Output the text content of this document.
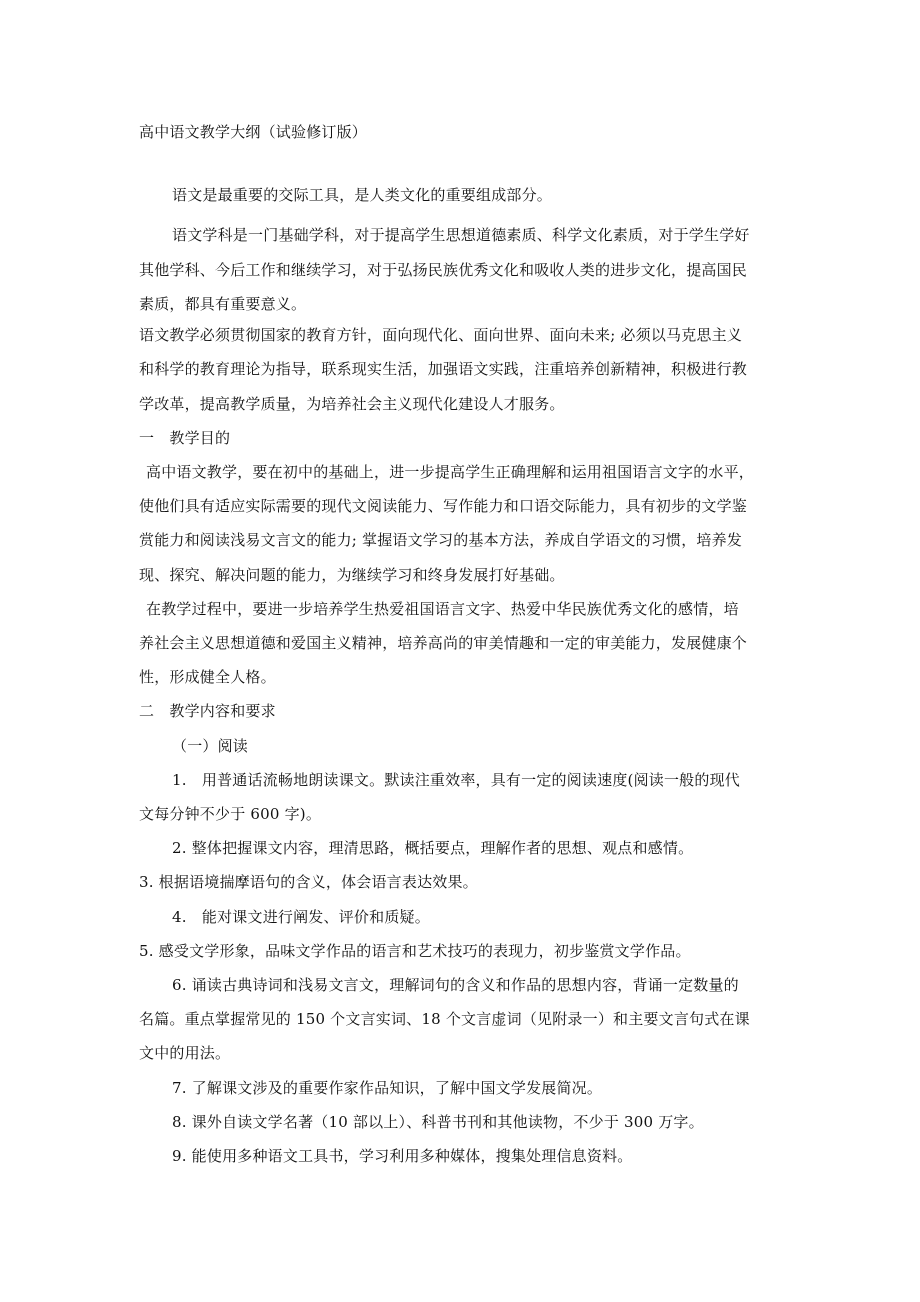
高中语文教学大纲（试验修订版）
语文是最重要的交际工具，是人类文化的重要组成部分。
语文学科是一门基础学科，对于提高学生思想道德素质、科学文化素质，对于学生学好
其他学科、今后工作和继续学习，对于弘扬民族优秀文化和吸收人类的进步文化，提高国民
素质，都具有重要意义。
语文教学必须贯彻国家的教育方针，面向现代化、面向世界、面向未来; 必须以马克思主义
和科学的教育理论为指导，联系现实生活，加强语文实践，注重培养创新精神，积极进行教
学改革，提高教学质量，为培养社会主义现代化建设人才服务。
一　教学目的
高中语文教学，要在初中的基础上，进一步提高学生正确理解和运用祖国语言文字的水平，
使他们具有适应实际需要的现代文阅读能力、写作能力和口语交际能力，具有初步的文学鉴
赏能力和阅读浅易文言文的能力; 掌握语文学习的基本方法，养成自学语文的习惯，培养发
现、探究、解决问题的能力，为继续学习和终身发展打好基础。
在教学过程中，要进一步培养学生热爱祖国语言文字、热爱中华民族优秀文化的感情，培
养社会主义思想道德和爱国主义精神，培养高尚的审美情趣和一定的审美能力，发展健康个
性，形成健全人格。
二　教学内容和要求
（一）阅读
1.　用普通话流畅地朗读课文。默读注重效率，具有一定的阅读速度(阅读一般的现代
文每分钟不少于 600 字)。
2. 整体把握课文内容，理清思路，概括要点，理解作者的思想、观点和感情。
3. 根据语境揣摩语句的含义，体会语言表达效果。
4.　能对课文进行阐发、评价和质疑。
5. 感受文学形象，品味文学作品的语言和艺术技巧的表现力，初步鉴赏文学作品。
6. 诵读古典诗词和浅易文言文，理解词句的含义和作品的思想内容，背诵一定数量的
名篇。重点掌握常见的 150 个文言实词、18 个文言虚词（见附录一）和主要文言句式在课
文中的用法。
7. 了解课文涉及的重要作家作品知识，了解中国文学发展简况。
8. 课外自读文学名著（10 部以上）、科普书刊和其他读物，不少于 300 万字。
9. 能使用多种语文工具书，学习利用多种媒体，搜集处理信息资料。
